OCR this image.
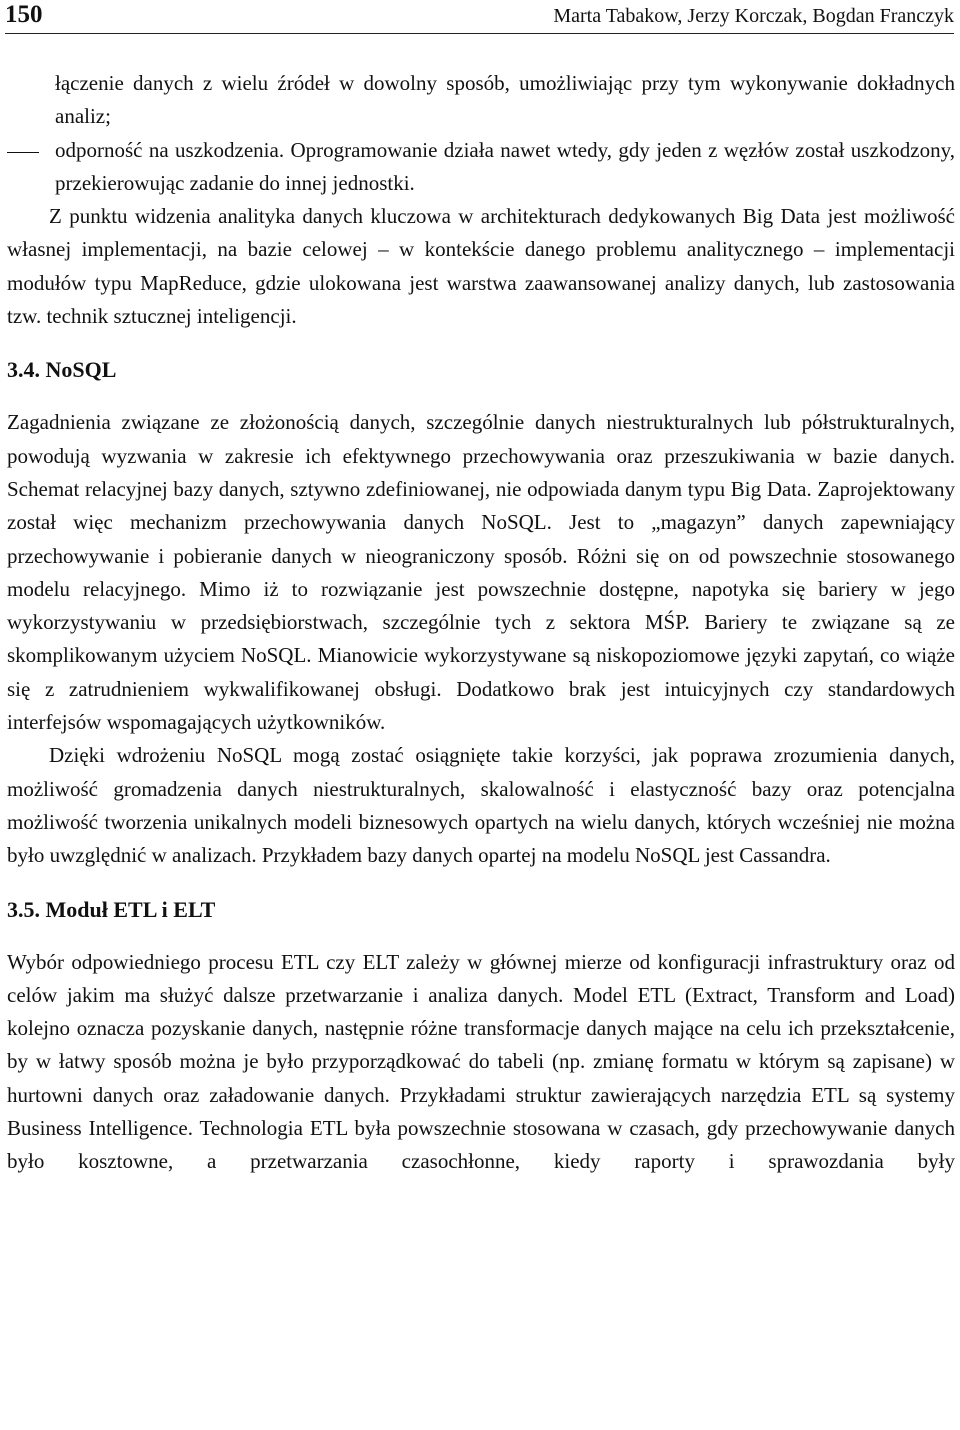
150	Marta Tabakow, Jerzy Korczak, Bogdan Franczyk
łączenie danych z wielu źródeł w dowolny sposób, umożliwiając przy tym wykonywanie dokładnych analiz;
odporność na uszkodzenia. Oprogramowanie działa nawet wtedy, gdy jeden z węzłów został uszkodzony, przekierowując zadanie do innej jednostki.

Z punktu widzenia analityka danych kluczowa w architekturach dedykowanych Big Data jest możliwość własnej implementacji, na bazie celowej – w kontekście danego problemu analitycznego – implementacji modułów typu MapReduce, gdzie ulokowana jest warstwa zaawansowanej analizy danych, lub zastosowania tzw. technik sztucznej inteligencji.

3.4. NoSQL

Zagadnienia związane ze złożonością danych, szczególnie danych niestrukturalnych lub półstrukturalnych, powodują wyzwania w zakresie ich efektywnego przechowywania oraz przeszukiwania w bazie danych. Schemat relacyjnej bazy danych, sztywno zdefiniowanej, nie odpowiada danym typu Big Data. Zaprojektowany został więc mechanizm przechowywania danych NoSQL. Jest to „magazyn” danych zapewniający przechowywanie i pobieranie danych w nieograniczony sposób. Różni się on od powszechnie stosowanego modelu relacyjnego. Mimo iż to rozwiązanie jest powszechnie dostępne, napotyka się bariery w jego wykorzystywaniu w przedsiębiorstwach, szczególnie tych z sektora MŚP. Bariery te związane są ze skomplikowanym użyciem NoSQL. Mianowicie wykorzystywane są niskopoziomowe języki zapytań, co wiąże się z zatrudnieniem wykwalifikowanej obsługi. Dodatkowo brak jest intuicyjnych czy standardowych interfejsów wspomagających użytkowników.

Dzięki wdrożeniu NoSQL mogą zostać osiągnięte takie korzyści, jak poprawa zrozumienia danych, możliwość gromadzenia danych niestrukturalnych, skalowalność i elastyczność bazy oraz potencjalna możliwość tworzenia unikalnych modeli biznesowych opartych na wielu danych, których wcześniej nie można było uwzględnić w analizach. Przykładem bazy danych opartej na modelu NoSQL jest Cassandra.

3.5. Moduł ETL i ELT

Wybór odpowiedniego procesu ETL czy ELT zależy w głównej mierze od konfiguracji infrastruktury oraz od celów jakim ma służyć dalsze przetwarzanie i analiza danych. Model ETL (Extract, Transform and Load) kolejno oznacza pozyskanie danych, następnie różne transformacje danych mające na celu ich przekształcenie, by w łatwy sposób można je było przyporządkować do tabeli (np. zmianę formatu w którym są zapisane) w hurtowni danych oraz załadowanie danych. Przykładami struktur zawierających narzędzia ETL są systemy Business Intelligence. Technologia ETL była powszechnie stosowana w czasach, gdy przechowywanie danych było kosztowne, a przetwarzania czasochłonne, kiedy raporty i sprawozdania były
